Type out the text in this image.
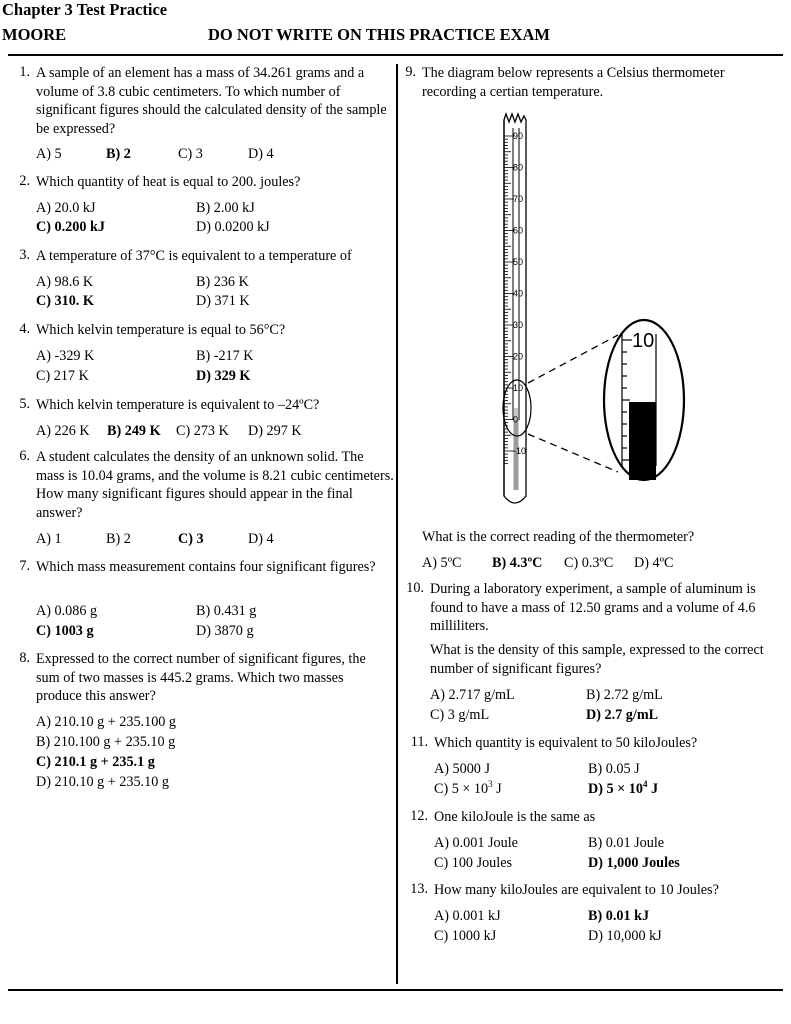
Chapter 3 Test Practice
MOORE	DO NOT WRITE ON THIS PRACTICE EXAM
1. A sample of an element has a mass of 34.261 grams and a volume of 3.8 cubic centimeters. To which number of significant figures should the calculated density of the sample be expressed?
A) 5	B) 2	C) 3	D) 4
2. Which quantity of heat is equal to 200. joules?
A) 20.0 kJ	B) 2.00 kJ
C) 0.200 kJ	D) 0.0200 kJ
3. A temperature of 37°C is equivalent to a temperature of
A) 98.6 K	B) 236 K
C) 310. K	D) 371 K
4. Which kelvin temperature is equal to 56°C?
A) -329 K	B) -217 K
C) 217 K	D) 329 K
5. Which kelvin temperature is equivalent to –24ºC?
A) 226 K B) 249 K C) 273 K D) 297 K
6. A student calculates the density of an unknown solid. The mass is 10.04 grams, and the volume is 8.21 cubic centimeters. How many significant figures should appear in the final answer?
A) 1	B) 2	C) 3	D) 4
7. Which mass measurement contains four significant figures?
A) 0.086 g	B) 0.431 g
C) 1003 g	D) 3870 g
8. Expressed to the correct number of significant figures, the sum of two masses is 445.2 grams. Which two masses produce this answer?
A) 210.10 g + 235.100 g
B) 210.100 g + 235.10 g
C) 210.1 g + 235.1 g
D) 210.10 g + 235.10 g
9. The diagram below represents a Celsius thermometer recording a certian temperature.
90
80
70
60
50
40
30
20
10
0
-10
10
What is the correct reading of the thermometer?
A) 5ºC B) 4.3ºC C) 0.3ºC D) 4ºC
10. During a laboratory experiment, a sample of aluminum is found to have a mass of 12.50 grams and a volume of 4.6 milliliters.
What is the density of this sample, expressed to the correct number of significant figures?
A) 2.717 g/mL	B) 2.72 g/mL
C) 3 g/mL	D) 2.7 g/mL
11. Which quantity is equivalent to 50 kiloJoules?
A) 5000 J	B) 0.05 J
C) $5 \times 10^3$ J	D) $5 \times 10^4$ J
12. One kiloJoule is the same as
A) 0.001 Joule	B) 0.01 Joule
C) 100 Joules	D) 1,000 Joules
13. How many kiloJoules are equivalent to 10 Joules?
A) 0.001 kJ	B) 0.01 kJ
C) 1000 kJ	D) 10,000 kJ
